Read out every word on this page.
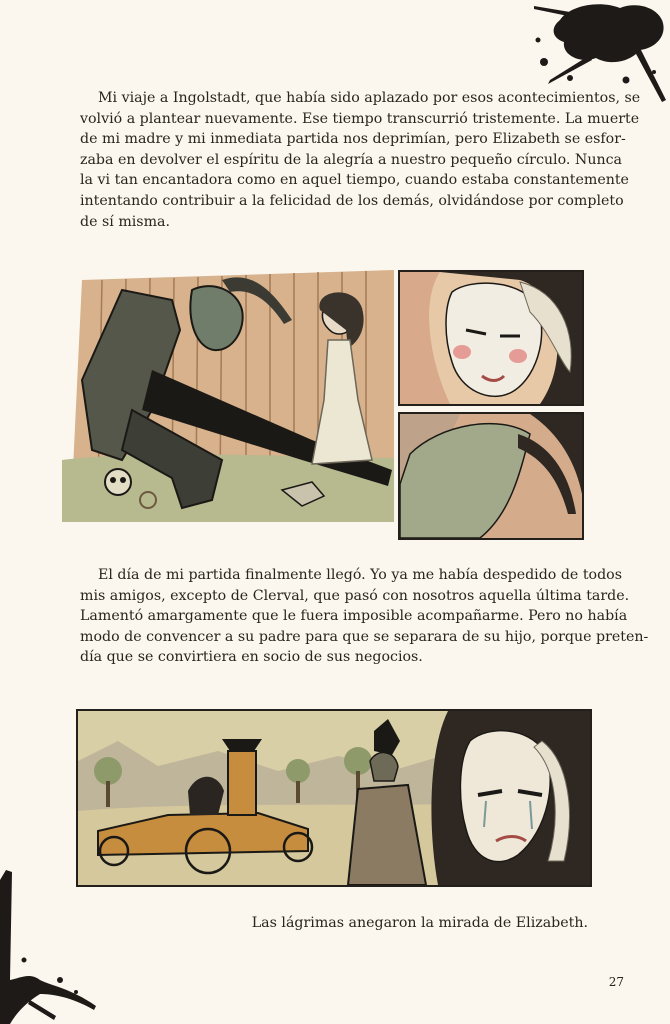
Mi viaje a Ingolstadt, que había sido aplazado por esos acontecimientos, se
volvió a plantear nuevamente. Ese tiempo transcurrió tristemente. La muerte
de mi madre y mi inmediata partida nos deprimían, pero Elizabeth se esfor-
zaba en devolver el espíritu de la alegría a nuestro pequeño círculo. Nunca
la vi tan encantadora como en aquel tiempo, cuando estaba constantemente
intentando contribuir a la felicidad de los demás, olvidándose por completo
de sí misma.

El día de mi partida finalmente llegó. Yo ya me había despedido de todos
mis amigos, excepto de Clerval, que pasó con nosotros aquella última tarde.
Lamentó amargamente que le fuera imposible acompañarme. Pero no había
modo de convencer a su padre para que se separara de su hijo, porque preten-
día que se convirtiera en socio de sus negocios.

Las lágrimas anegaron la mirada de Elizabeth.
27
